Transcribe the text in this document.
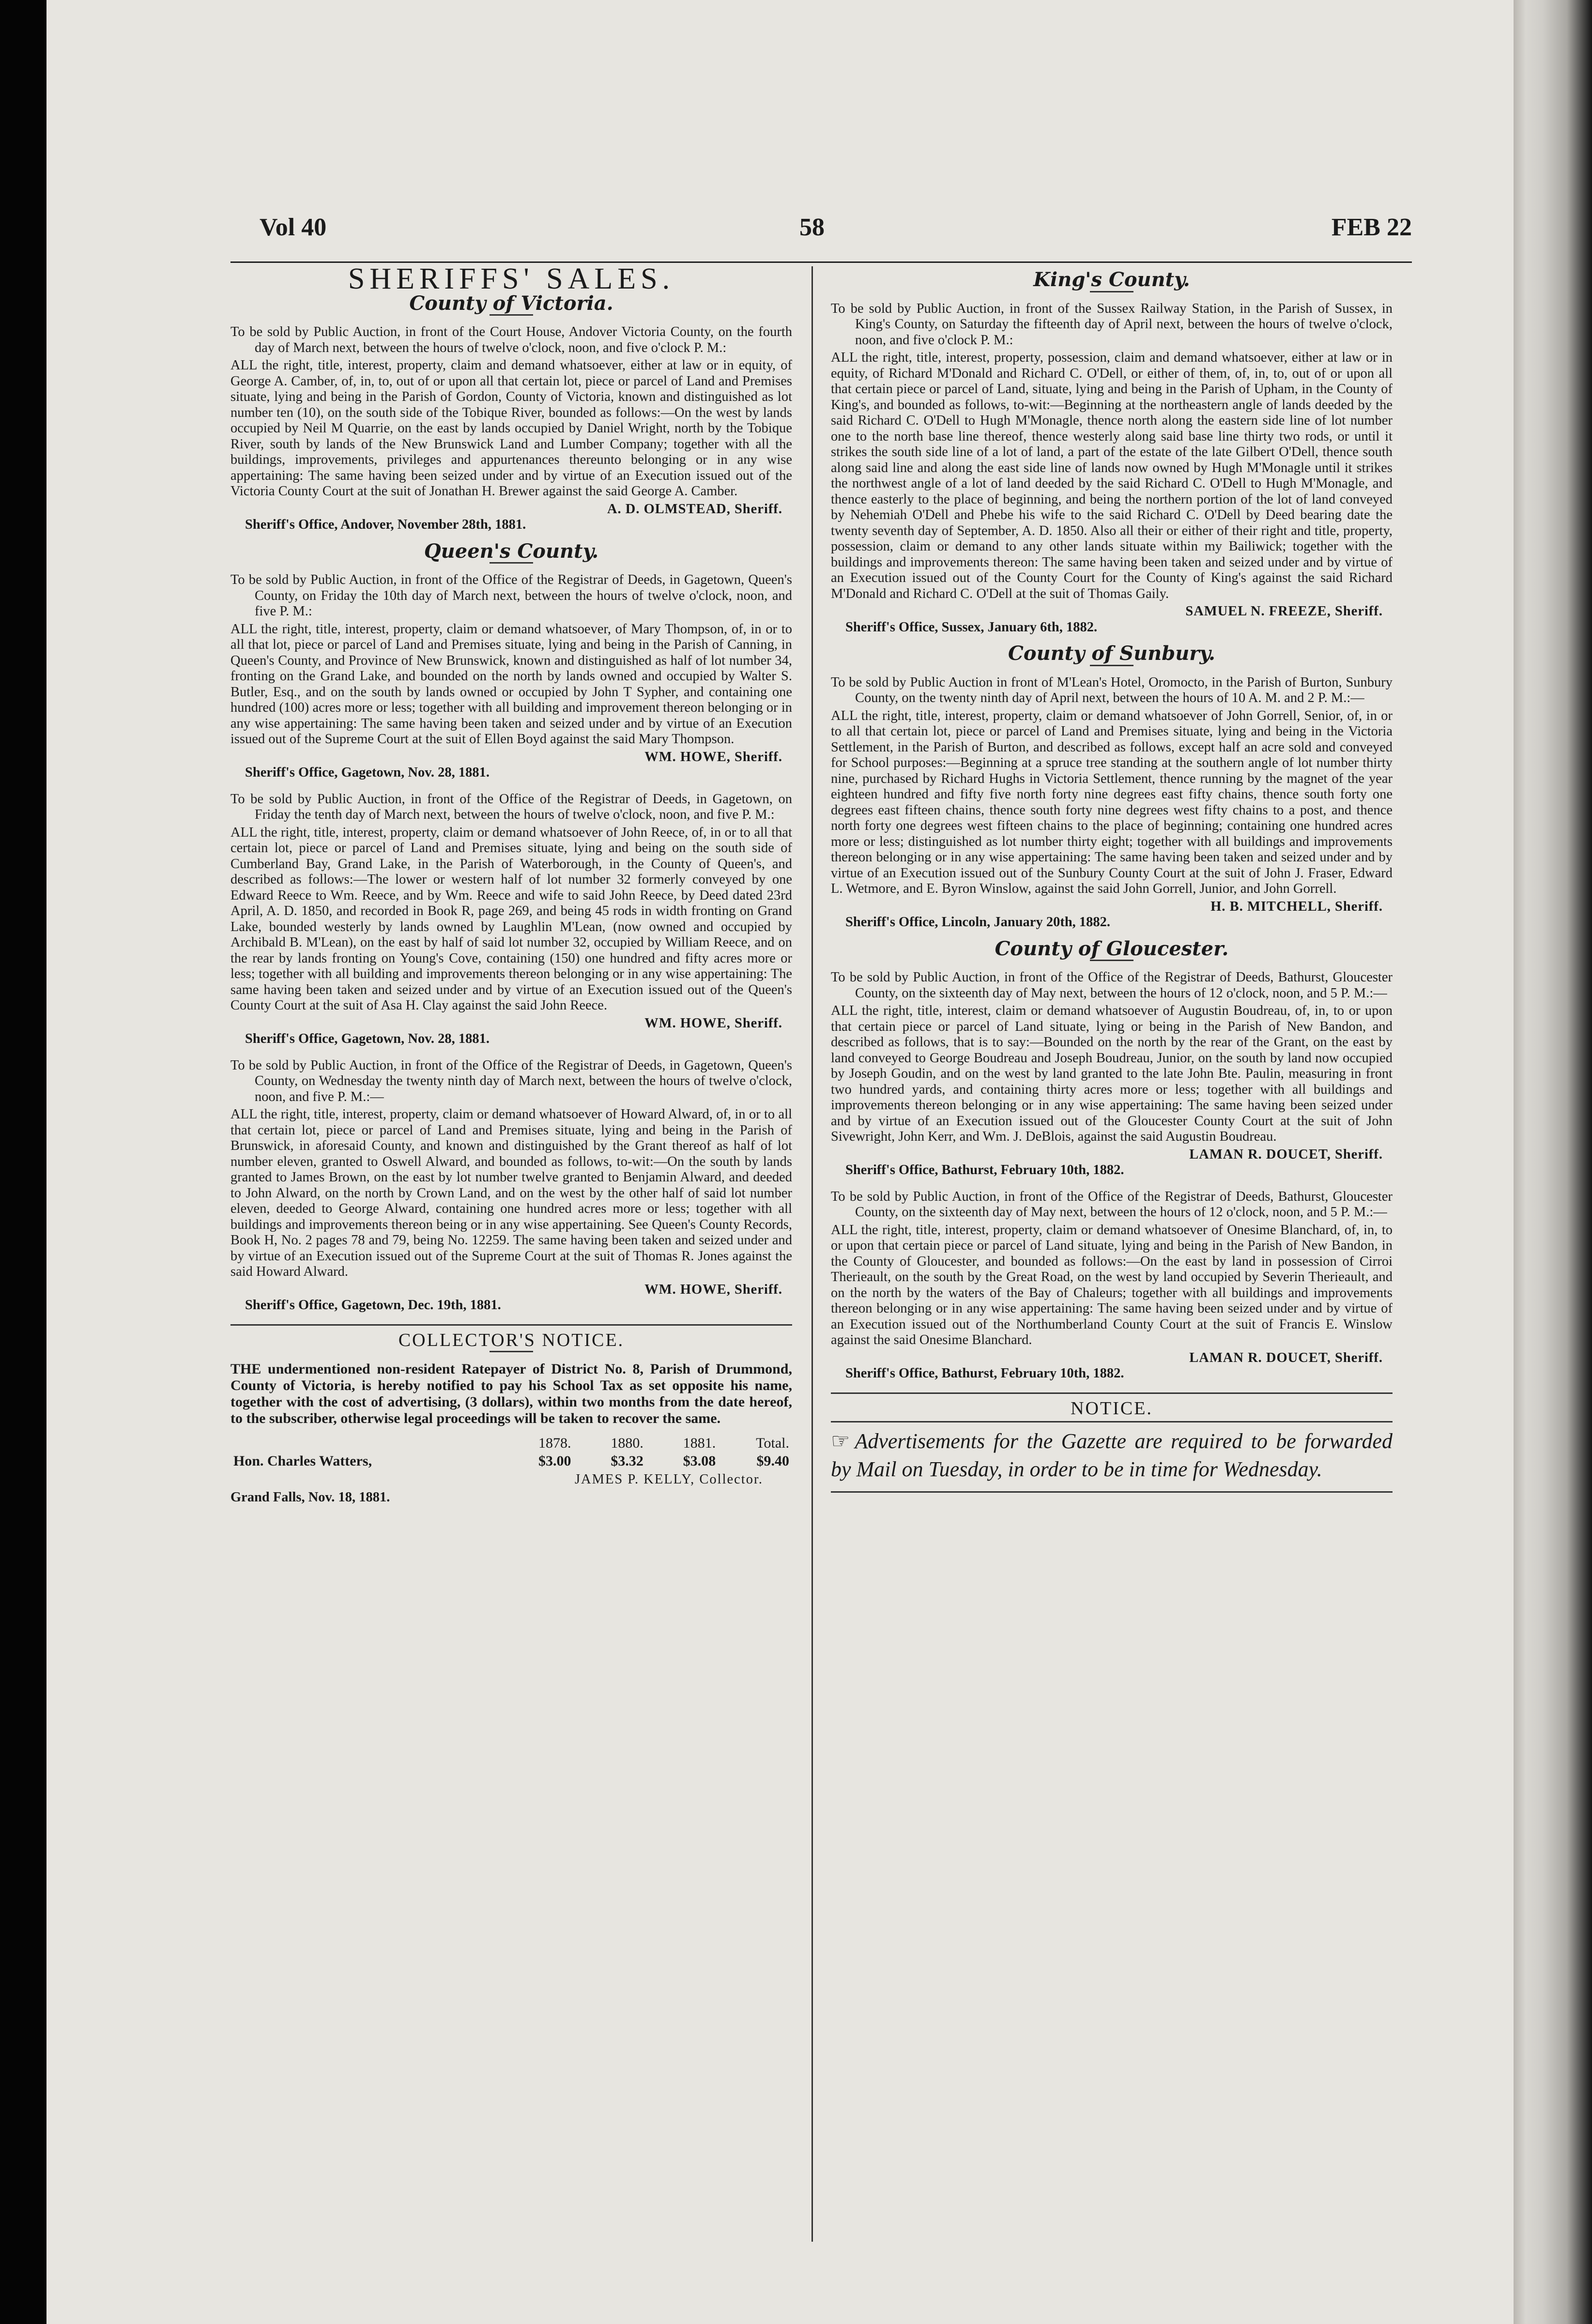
Vol 40	58	FEB 22
SHERIFFS' SALES.
County of Victoria.

To be sold by Public Auction, in front of the Court House, Andover Victoria County, on the fourth day of March next, between the hours of twelve o'clock, noon, and five o'clock P. M.:

ALL the right, title, interest, property, claim and demand whatsoever, either at law or in equity, of George A. Camber, of, in, to, out of or upon all that certain lot, piece or parcel of Land and Premises situate, lying and being in the Parish of Gordon, County of Victoria, known and distinguished as lot number ten (10), on the south side of the Tobique River, bounded as follows:—On the west by lands occupied by Neil M Quarrie, on the east by lands occupied by Daniel Wright, north by the Tobique River, south by lands of the New Brunswick Land and Lumber Company; together with all the buildings, improvements, privileges and appurtenances thereunto belonging or in any wise appertaining: The same having been seized under and by virtue of an Execution issued out of the Victoria County Court at the suit of Jonathan H. Brewer against the said George A. Camber.

A. D. OLMSTEAD, Sheriff.

Sheriff's Office, Andover, November 28th, 1881.

Queen's County.

To be sold by Public Auction, in front of the Office of the Registrar of Deeds, in Gagetown, Queen's County, on Friday the 10th day of March next, between the hours of twelve o'clock, noon, and five P. M.:

ALL the right, title, interest, property, claim or demand whatsoever, of Mary Thompson, of, in or to all that lot, piece or parcel of Land and Premises situate, lying and being in the Parish of Canning, in Queen's County, and Province of New Brunswick, known and distinguished as half of lot number 34, fronting on the Grand Lake, and bounded on the north by lands owned and occupied by Walter S. Butler, Esq., and on the south by lands owned or occupied by John T Sypher, and containing one hundred (100) acres more or less; together with all building and improvement thereon belonging or in any wise appertaining: The same having been taken and seized under and by virtue of an Execution issued out of the Supreme Court at the suit of Ellen Boyd against the said Mary Thompson.

WM. HOWE, Sheriff.

Sheriff's Office, Gagetown, Nov. 28, 1881.

To be sold by Public Auction, in front of the Office of the Registrar of Deeds, in Gagetown, on Friday the tenth day of March next, between the hours of twelve o'clock, noon, and five P. M.:

ALL the right, title, interest, property, claim or demand whatsoever of John Reece, of, in or to all that certain lot, piece or parcel of Land and Premises situate, lying and being on the south side of Cumberland Bay, Grand Lake, in the Parish of Waterborough, in the County of Queen's, and described as follows:—The lower or western half of lot number 32 formerly conveyed by one Edward Reece to Wm. Reece, and by Wm. Reece and wife to said John Reece, by Deed dated 23rd April, A. D. 1850, and recorded in Book R, page 269, and being 45 rods in width fronting on Grand Lake, bounded westerly by lands owned by Laughlin M'Lean, (now owned and occupied by Archibald B. M'Lean), on the east by half of said lot number 32, occupied by William Reece, and on the rear by lands fronting on Young's Cove, containing (150) one hundred and fifty acres more or less; together with all building and improvements thereon belonging or in any wise appertaining: The same having been taken and seized under and by virtue of an Execution issued out of the Queen's County Court at the suit of Asa H. Clay against the said John Reece.

WM. HOWE, Sheriff.

Sheriff's Office, Gagetown, Nov. 28, 1881.

To be sold by Public Auction, in front of the Office of the Registrar of Deeds, in Gagetown, Queen's County, on Wednesday the twenty ninth day of March next, between the hours of twelve o'clock, noon, and five P. M.:—

ALL the right, title, interest, property, claim or demand whatsoever of Howard Alward, of, in or to all that certain lot, piece or parcel of Land and Premises situate, lying and being in the Parish of Brunswick, in aforesaid County, and known and distinguished by the Grant thereof as half of lot number eleven, granted to Oswell Alward, and bounded as follows, to-wit:—On the south by lands granted to James Brown, on the east by lot number twelve granted to Benjamin Alward, and deeded to John Alward, on the north by Crown Land, and on the west by the other half of said lot number eleven, deeded to George Alward, containing one hundred acres more or less; together with all buildings and improvements thereon being or in any wise appertaining. See Queen's County Records, Book H, No. 2 pages 78 and 79, being No. 12259. The same having been taken and seized under and by virtue of an Execution issued out of the Supreme Court at the suit of Thomas R. Jones against the said Howard Alward.

WM. HOWE, Sheriff.

Sheriff's Office, Gagetown, Dec. 19th, 1881.

COLLECTOR'S NOTICE.

THE undermentioned non-resident Ratepayer of District No. 8, Parish of Drummond, County of Victoria, is hereby notified to pay his School Tax as set opposite his name, together with the cost of advertising, (3 dollars), within two months from the date hereof, to the subscriber, otherwise legal proceedings will be taken to recover the same.

	1878.	1880.	1881.	Total.
Hon. Charles Watters,	$3.00	$3.32	$3.08	$9.40

JAMES P. KELLY, Collector.

Grand Falls, Nov. 18, 1881.

King's County.

To be sold by Public Auction, in front of the Sussex Railway Station, in the Parish of Sussex, in King's County, on Saturday the fifteenth day of April next, between the hours of twelve o'clock, noon, and five o'clock P. M.:

ALL the right, title, interest, property, possession, claim and demand whatsoever, either at law or in equity, of Richard M'Donald and Richard C. O'Dell, or either of them, of, in, to, out of or upon all that certain piece or parcel of Land, situate, lying and being in the Parish of Upham, in the County of King's, and bounded as follows, to-wit:—Beginning at the northeastern angle of lands deeded by the said Richard C. O'Dell to Hugh M'Monagle, thence north along the eastern side line of lot number one to the north base line thereof, thence westerly along said base line thirty two rods, or until it strikes the south side line of a lot of land, a part of the estate of the late Gilbert O'Dell, thence south along said line and along the east side line of lands now owned by Hugh M'Monagle until it strikes the northwest angle of a lot of land deeded by the said Richard C. O'Dell to Hugh M'Monagle, and thence easterly to the place of beginning, and being the northern portion of the lot of land conveyed by Nehemiah O'Dell and Phebe his wife to the said Richard C. O'Dell by Deed bearing date the twenty seventh day of September, A. D. 1850. Also all their or either of their right and title, property, possession, claim or demand to any other lands situate within my Bailiwick; together with the buildings and improvements thereon: The same having been taken and seized under and by virtue of an Execution issued out of the County Court for the County of King's against the said Richard M'Donald and Richard C. O'Dell at the suit of Thomas Gaily.

SAMUEL N. FREEZE, Sheriff.

Sheriff's Office, Sussex, January 6th, 1882.

County of Sunbury.

To be sold by Public Auction in front of M'Lean's Hotel, Oromocto, in the Parish of Burton, Sunbury County, on the twenty ninth day of April next, between the hours of 10 A. M. and 2 P. M.:—

ALL the right, title, interest, property, claim or demand whatsoever of John Gorrell, Senior, of, in or to all that certain lot, piece or parcel of Land and Premises situate, lying and being in the Victoria Settlement, in the Parish of Burton, and described as follows, except half an acre sold and conveyed for School purposes:—Beginning at a spruce tree standing at the southern angle of lot number thirty nine, purchased by Richard Hughs in Victoria Settlement, thence running by the magnet of the year eighteen hundred and fifty five north forty nine degrees east fifty chains, thence south forty one degrees east fifteen chains, thence south forty nine degrees west fifty chains to a post, and thence north forty one degrees west fifteen chains to the place of beginning; containing one hundred acres more or less; distinguished as lot number thirty eight; together with all buildings and improvements thereon belonging or in any wise appertaining: The same having been taken and seized under and by virtue of an Execution issued out of the Sunbury County Court at the suit of John J. Fraser, Edward L. Wetmore, and E. Byron Winslow, against the said John Gorrell, Junior, and John Gorrell.

H. B. MITCHELL, Sheriff.

Sheriff's Office, Lincoln, January 20th, 1882.

County of Gloucester.

To be sold by Public Auction, in front of the Office of the Registrar of Deeds, Bathurst, Gloucester County, on the sixteenth day of May next, between the hours of 12 o'clock, noon, and 5 P. M.:—

ALL the right, title, interest, claim or demand whatsoever of Augustin Boudreau, of, in, to or upon that certain piece or parcel of Land situate, lying or being in the Parish of New Bandon, and described as follows, that is to say:—Bounded on the north by the rear of the Grant, on the east by land conveyed to George Boudreau and Joseph Boudreau, Junior, on the south by land now occupied by Joseph Goudin, and on the west by land granted to the late John Bte. Paulin, measuring in front two hundred yards, and containing thirty acres more or less; together with all buildings and improvements thereon belonging or in any wise appertaining: The same having been seized under and by virtue of an Execution issued out of the Gloucester County Court at the suit of John Sivewright, John Kerr, and Wm. J. DeBlois, against the said Augustin Boudreau.

LAMAN R. DOUCET, Sheriff.

Sheriff's Office, Bathurst, February 10th, 1882.

To be sold by Public Auction, in front of the Office of the Registrar of Deeds, Bathurst, Gloucester County, on the sixteenth day of May next, between the hours of 12 o'clock, noon, and 5 P. M.:—

ALL the right, title, interest, property, claim or demand whatsoever of Onesime Blanchard, of, in, to or upon that certain piece or parcel of Land situate, lying and being in the Parish of New Bandon, in the County of Gloucester, and bounded as follows:—On the east by land in possession of Cirroi Therieault, on the south by the Great Road, on the west by land occupied by Severin Therieault, and on the north by the waters of the Bay of Chaleurs; together with all buildings and improvements thereon belonging or in any wise appertaining: The same having been seized under and by virtue of an Execution issued out of the Northumberland County Court at the suit of Francis E. Winslow against the said Onesime Blanchard.

LAMAN R. DOUCET, Sheriff.

Sheriff's Office, Bathurst, February 10th, 1882.

NOTICE.

☞ Advertisements for the Gazette are required to be forwarded by Mail on Tuesday, in order to be in time for Wednesday.
